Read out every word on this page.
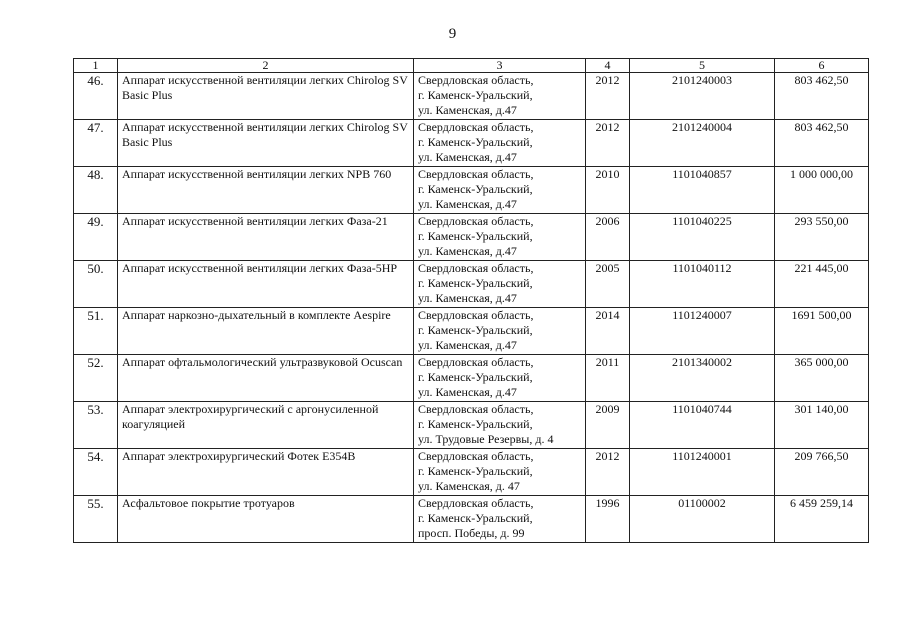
9
1	2	3	4	5	6
46.	Аппарат искусственной вентиляции легких Chirolog SV Basic Plus	Свердловская область,
г. Каменск-Уральский,
ул. Каменская, д.47	2012	2101240003	803 462,50
47.	Аппарат искусственной вентиляции легких Chirolog SV Basic Plus	Свердловская область,
г. Каменск-Уральский,
ул. Каменская, д.47	2012	2101240004	803 462,50
48.	Аппарат искусственной вентиляции легких NPB 760	Свердловская область,
г. Каменск-Уральский,
ул. Каменская, д.47	2010	1101040857	1 000 000,00
49.	Аппарат искусственной вентиляции легких Фаза-21	Свердловская область,
г. Каменск-Уральский,
ул. Каменская, д.47	2006	1101040225	293 550,00
50.	Аппарат искусственной вентиляции легких Фаза-5НР	Свердловская область,
г. Каменск-Уральский,
ул. Каменская, д.47	2005	1101040112	221 445,00
51.	Аппарат наркозно-дыхательный в комплекте Aespire	Свердловская область,
г. Каменск-Уральский,
ул. Каменская, д.47	2014	1101240007	1691 500,00
52.	Аппарат офтальмологический ультразвуковой Ocuscan	Свердловская область,
г. Каменск-Уральский,
ул. Каменская, д.47	2011	2101340002	365 000,00
53.	Аппарат электрохирургический с аргонусиленной коагуляцией	Свердловская область,
г. Каменск-Уральский,
ул. Трудовые Резервы, д. 4	2009	1101040744	301 140,00
54.	Аппарат электрохирургический Фотек Е354В	Свердловская область,
г. Каменск-Уральский,
ул. Каменская, д. 47	2012	1101240001	209 766,50
55.	Асфальтовое покрытие тротуаров	Свердловская область,
г. Каменск-Уральский,
просп. Победы, д. 99	1996	01100002	6 459 259,14
